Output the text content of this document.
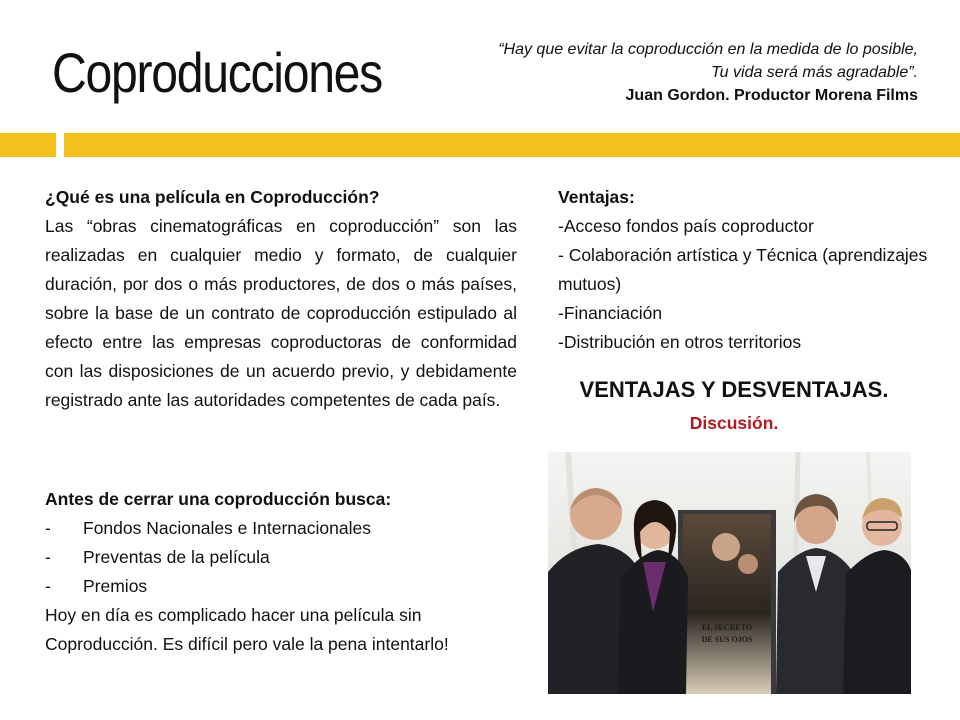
Coproducciones	“Hay que evitar la coproducción en la medida de lo posible,
Tu vida será más agradable”.
Juan Gordon. Productor Morena Films
¿Qué es una película en Coproducción?
Las “obras cinematográficas en coproducción” son las realizadas en cualquier medio y formato, de cualquier duración, por dos o más productores, de dos o más países, sobre la base de un contrato de coproducción estipulado al efecto entre las empresas coproductoras de conformidad con las disposiciones de un acuerdo previo, y debidamente registrado ante las autoridades competentes de cada país.
Antes de cerrar una coproducción busca:
- Fondos Nacionales e Internacionales
- Preventas de la película
- Premios
Hoy en día es complicado hacer una película sin Coproducción. Es difícil pero vale la pena intentarlo!
Ventajas:
-Acceso fondos país coproductor
- Colaboración artística y Técnica (aprendizajes mutuos)
-Financiación
-Distribución en otros territorios
VENTAJAS Y DESVENTAJAS.
Discusión.
EL SECRETO
DE SUS OJOS
